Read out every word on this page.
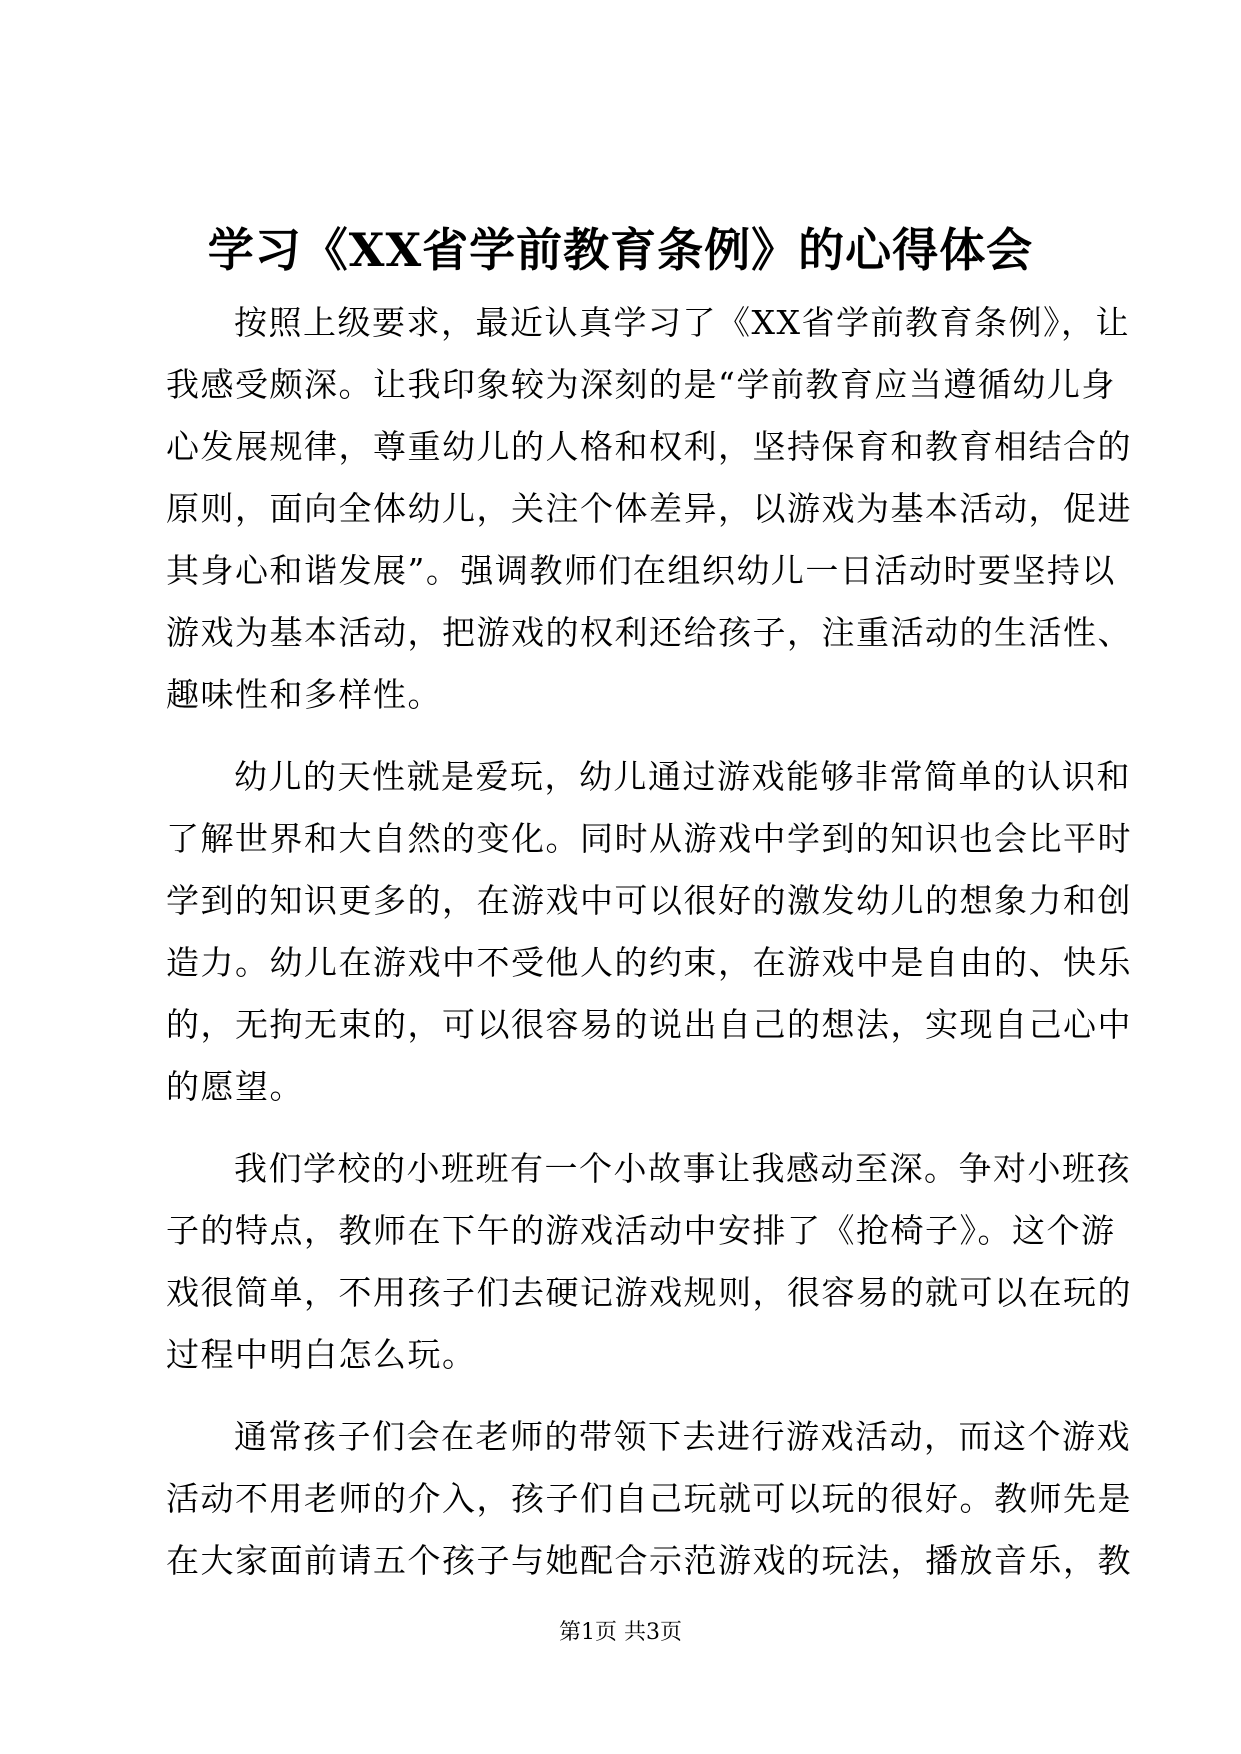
学习《XX省学前教育条例》的心得体会
按照上级要求，最近认真学习了《XX省学前教育条例》，让
我感受颇深。让我印象较为深刻的是“学前教育应当遵循幼儿身
心发展规律，尊重幼儿的人格和权利，坚持保育和教育相结合的
原则，面向全体幼儿，关注个体差异，以游戏为基本活动，促进
其身心和谐发展”。强调教师们在组织幼儿一日活动时要坚持以
游戏为基本活动，把游戏的权利还给孩子，注重活动的生活性、
趣味性和多样性。
幼儿的天性就是爱玩，幼儿通过游戏能够非常简单的认识和
了解世界和大自然的变化。同时从游戏中学到的知识也会比平时
学到的知识更多的，在游戏中可以很好的激发幼儿的想象力和创
造力。幼儿在游戏中不受他人的约束，在游戏中是自由的、快乐
的，无拘无束的，可以很容易的说出自己的想法，实现自己心中
的愿望。
我们学校的小班班有一个小故事让我感动至深。争对小班孩
子的特点，教师在下午的游戏活动中安排了《抢椅子》。这个游
戏很简单，不用孩子们去硬记游戏规则，很容易的就可以在玩的
过程中明白怎么玩。
通常孩子们会在老师的带领下去进行游戏活动，而这个游戏
活动不用老师的介入，孩子们自己玩就可以玩的很好。教师先是
在大家面前请五个孩子与她配合示范游戏的玩法，播放音乐，教
第1页 共3页
